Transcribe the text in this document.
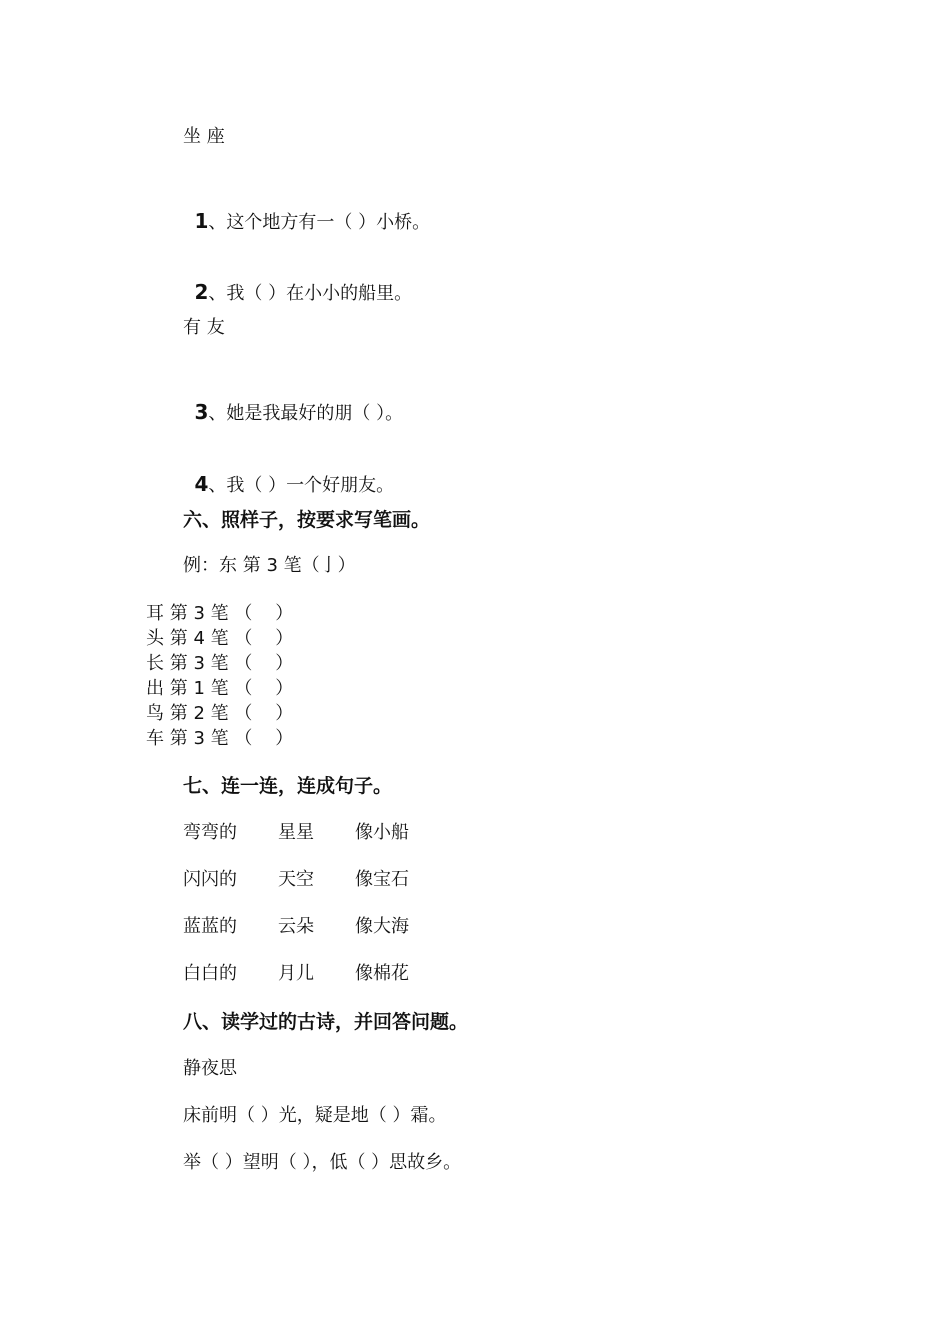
坐 座

1、这个地方有一（ ）小桥。

2、我（ ）在小小的船里。

有 友

3、她是我最好的朋（ ）。

4、我（ ）一个好朋友。

六、照样子，按要求写笔画。
例：东 第 3 笔（亅）
耳 第 3 笔 （    ）
头 第 4 笔 （    ）
长 第 3 笔 （    ）
出 第 1 笔 （    ）
鸟 第 2 笔 （    ）
车 第 3 笔 （    ）
七、连一连，连成句子。
弯弯的 星星 像小船
闪闪的 天空 像宝石
蓝蓝的 云朵 像大海
白白的 月儿 像棉花
八、读学过的古诗，并回答问题。
静夜思
床前明（ ）光，疑是地（ ）霜。
举（ ）望明（ ），低（ ）思故乡。
